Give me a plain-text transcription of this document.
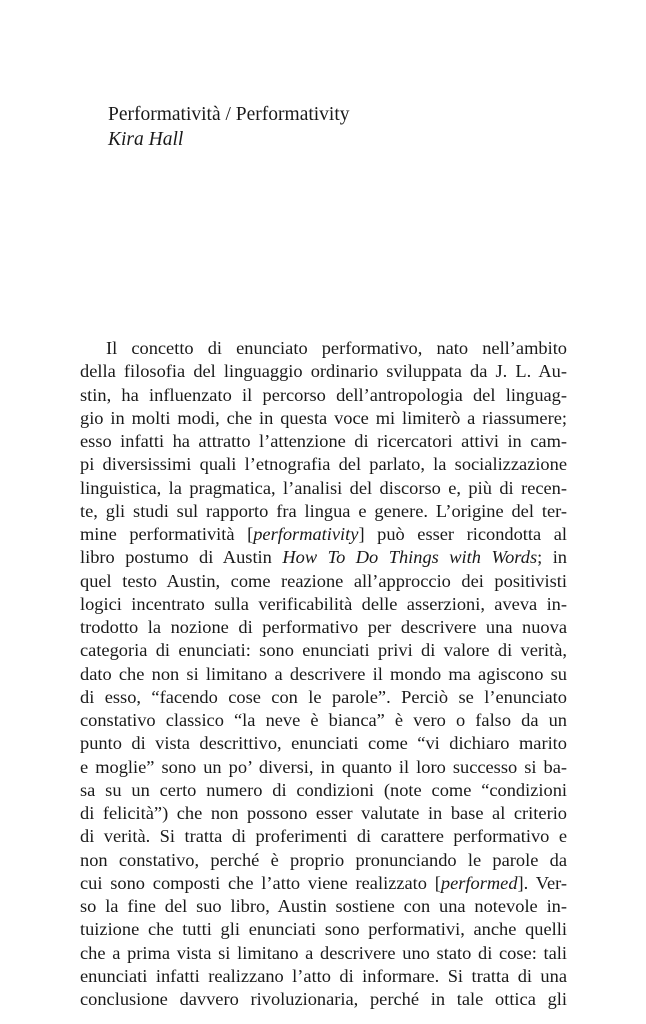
Performatività / Performativity
Kira Hall
Il concetto di enunciato performativo, nato nell’ambito
della filosofia del linguaggio ordinario sviluppata da J. L. Au-
stin, ha influenzato il percorso dell’antropologia del linguag-
gio in molti modi, che in questa voce mi limiterò a riassumere;
esso infatti ha attratto l’attenzione di ricercatori attivi in cam-
pi diversissimi quali l’etnografia del parlato, la socializzazione
linguistica, la pragmatica, l’analisi del discorso e, più di recen-
te, gli studi sul rapporto fra lingua e genere. L’origine del ter-
mine performatività [performativity] può esser ricondotta al
libro postumo di Austin How To Do Things with Words; in
quel testo Austin, come reazione all’approccio dei positivisti
logici incentrato sulla verificabilità delle asserzioni, aveva in-
trodotto la nozione di performativo per descrivere una nuova
categoria di enunciati: sono enunciati privi di valore di verità,
dato che non si limitano a descrivere il mondo ma agiscono su
di esso, “facendo cose con le parole”. Perciò se l’enunciato
constativo classico “la neve è bianca” è vero o falso da un
punto di vista descrittivo, enunciati come “vi dichiaro marito
e moglie” sono un po’ diversi, in quanto il loro successo si ba-
sa su un certo numero di condizioni (note come “condizioni
di felicità”) che non possono esser valutate in base al criterio
di verità. Si tratta di proferimenti di carattere performativo e
non constativo, perché è proprio pronunciando le parole da
cui sono composti che l’atto viene realizzato [performed]. Ver-
so la fine del suo libro, Austin sostiene con una notevole in-
tuizione che tutti gli enunciati sono performativi, anche quelli
che a prima vista si limitano a descrivere uno stato di cose: tali
enunciati infatti realizzano l’atto di informare. Si tratta di una
conclusione davvero rivoluzionaria, perché in tale ottica gli
